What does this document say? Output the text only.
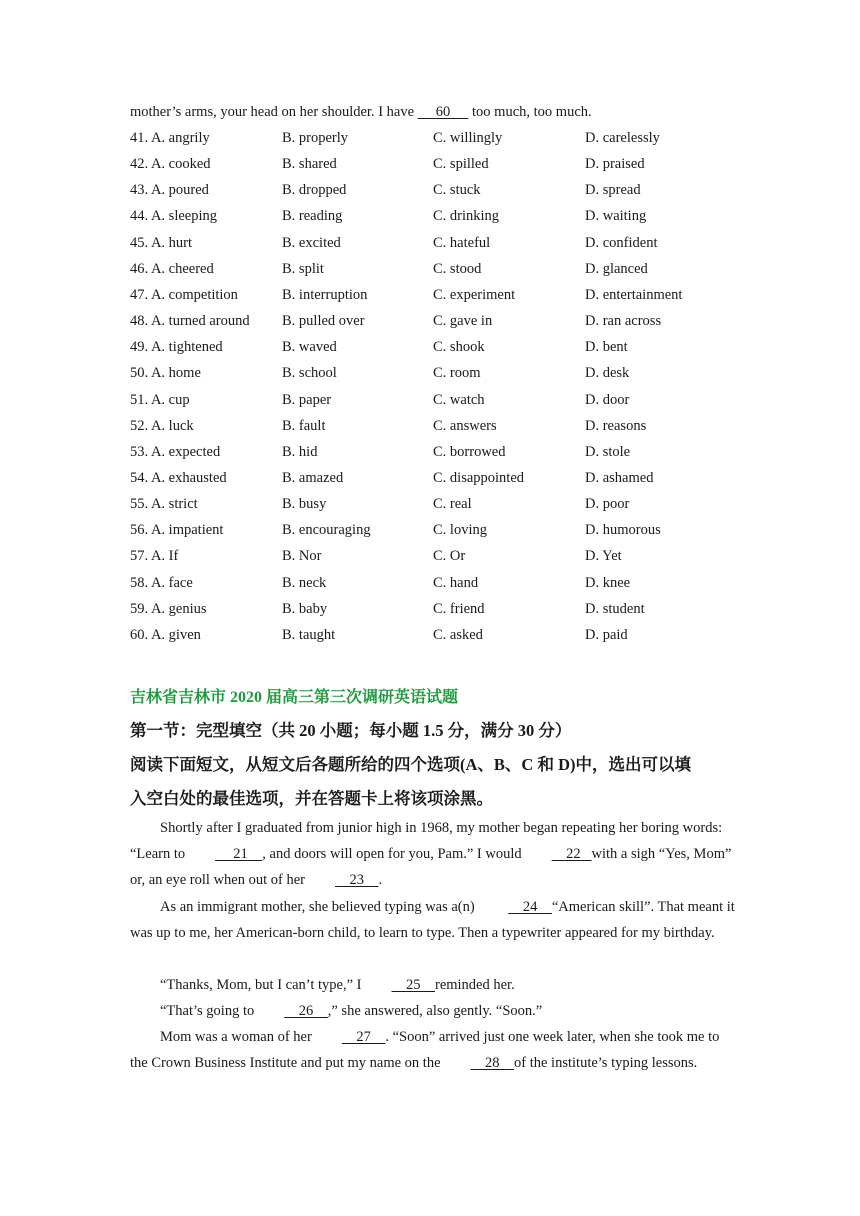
mother’s arms, your head on her shoulder. I have      60      too much, too much.
41. A. angrily	B. properly	C. willingly	D. carelessly
42. A. cooked	B. shared	C. spilled	D. praised
43. A. poured	B. dropped	C. stuck	D. spread
44. A. sleeping	B. reading	C. drinking	D. waiting
45. A. hurt	B. excited	C. hateful	D. confident
46. A. cheered	B. split	C. stood	D. glanced
47. A. competition	B. interruption	C. experiment	D. entertainment
48. A. turned around B. pulled over	C. gave in	D. ran across
49. A. tightened	B. waved	C. shook	D. bent
50. A. home	B. school	C. room	D. desk
51. A. cup	B. paper	C. watch	D. door
52. A. luck	B. fault	C. answers	D. reasons
53. A. expected	B. hid	C. borrowed	D. stole
54. A. exhausted	B. amazed	C. disappointed	D. ashamed
55. A. strict	B. busy	C. real	D. poor
56. A. impatient	B. encouraging	C. loving	D. humorous
57. A. If	B. Nor	C. Or	D. Yet
58. A. face	B. neck	C. hand	D. knee
59. A. genius	B. baby	C. friend	D. student
60. A. given	B. taught	C. asked	D. paid
吉林省吉林市 2020 届高三第三次调研英语试题
第一节：完型填空（共 20 小题；每小题 1.5 分，满分 30 分）
阅读下面短文，从短文后各题所给的四个选项(A、B、C 和 D)中，选出可以填
入空白处的最佳选项，并在答题卡上将该项涂黑。
Shortly after I graduated from junior high in 1968, my mother began repeating her boring words: “Learn to	21 , and doors will open for you, Pam.” I would	22 with a sigh “Yes, Mom” or, an eye roll when out of her	23 .
As an immigrant mother, she believed typing was a(n)	24 “American skill”. That meant it was up to me, her American-born child, to learn to type. Then a typewriter appeared for my birthday.
“Thanks, Mom, but I can’t type,” I	25 reminded her.
“That’s going to	26 ,” she answered, also gently. “Soon.”
Mom was a woman of her	27 . “Soon” arrived just one week later, when she took me to the Crown Business Institute and put my name on the	28 of the institute’s typing lessons.
